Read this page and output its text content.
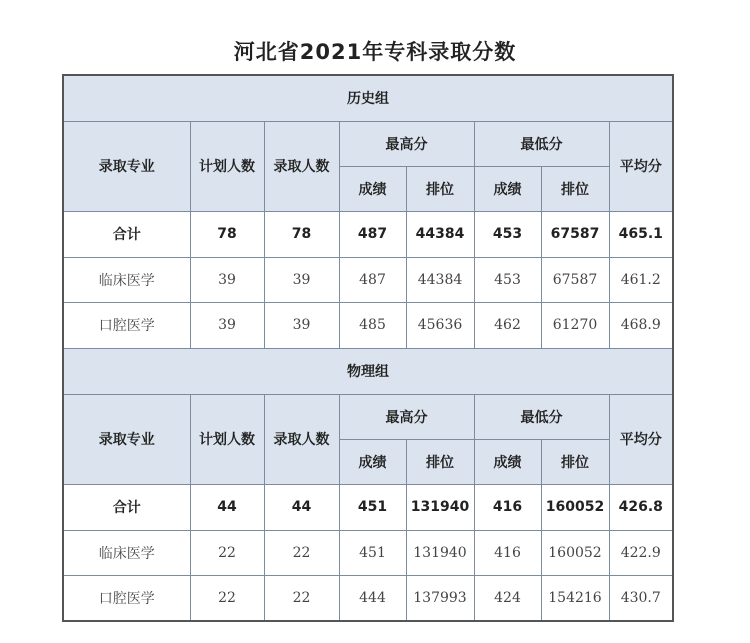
河北省2021年专科录取分数
历史组							
录取专业	计划人数	录取人数	最高分		最低分		平均分
			成绩	排位	成绩	排位	
合计	78	78	487	44384	453	67587	465.1
临床医学	39	39	487	44384	453	67587	461.2
口腔医学	39	39	485	45636	462	61270	468.9
物理组							
录取专业	计划人数	录取人数	最高分		最低分		平均分
			成绩	排位	成绩	排位	
合计	44	44	451	131940	416	160052	426.8
临床医学	22	22	451	131940	416	160052	422.9
口腔医学	22	22	444	137993	424	154216	430.7
